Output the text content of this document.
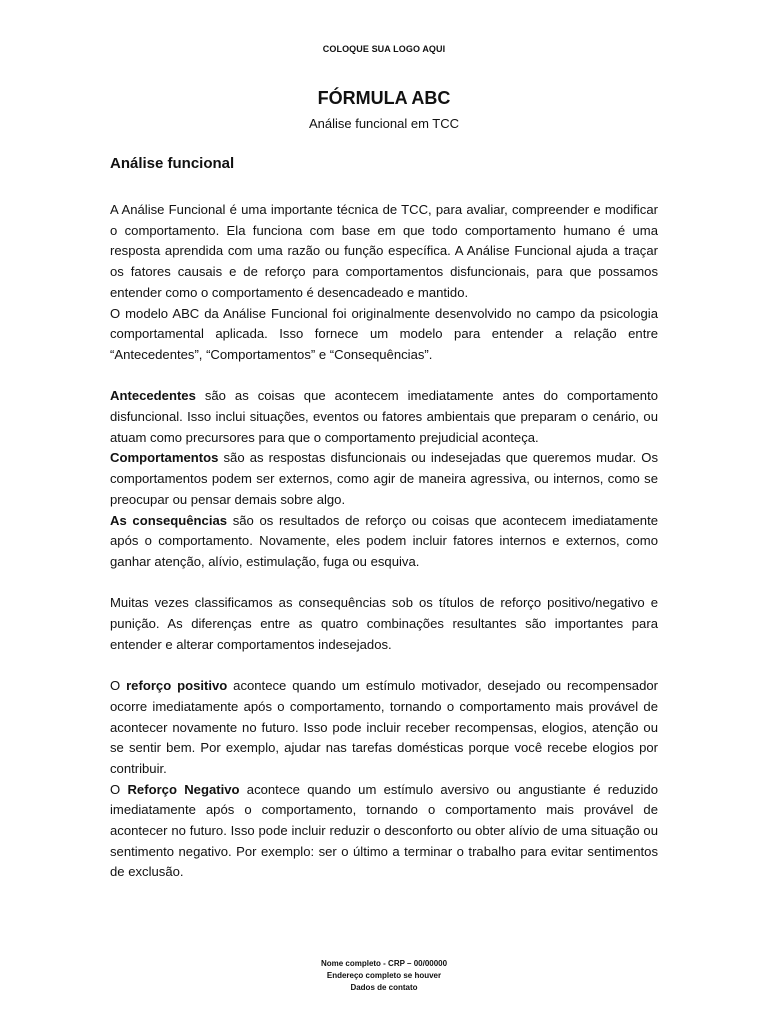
COLOQUE SUA LOGO AQUI
FÓRMULA ABC
Análise funcional em TCC
Análise funcional

A Análise Funcional é uma importante técnica de TCC, para avaliar, compreender e modificar o comportamento. Ela funciona com base em que todo comportamento humano é uma resposta aprendida com uma razão ou função específica. A Análise Funcional ajuda a traçar os fatores causais e de reforço para comportamentos disfuncionais, para que possamos entender como o comportamento é desencadeado e mantido.

O modelo ABC da Análise Funcional foi originalmente desenvolvido no campo da psicologia comportamental aplicada. Isso fornece um modelo para entender a relação entre “Antecedentes”, “Comportamentos” e “Consequências”.

Antecedentes são as coisas que acontecem imediatamente antes do comportamento disfuncional. Isso inclui situações, eventos ou fatores ambientais que preparam o cenário, ou atuam como precursores para que o comportamento prejudicial aconteça.

Comportamentos são as respostas disfuncionais ou indesejadas que queremos mudar. Os comportamentos podem ser externos, como agir de maneira agressiva, ou internos, como se preocupar ou pensar demais sobre algo.

As consequências são os resultados de reforço ou coisas que acontecem imediatamente após o comportamento. Novamente, eles podem incluir fatores internos e externos, como ganhar atenção, alívio, estimulação, fuga ou esquiva.

Muitas vezes classificamos as consequências sob os títulos de reforço positivo/negativo e punição. As diferenças entre as quatro combinações resultantes são importantes para entender e alterar comportamentos indesejados.

O reforço positivo acontece quando um estímulo motivador, desejado ou recompensador ocorre imediatamente após o comportamento, tornando o comportamento mais provável de acontecer novamente no futuro. Isso pode incluir receber recompensas, elogios, atenção ou se sentir bem. Por exemplo, ajudar nas tarefas domésticas porque você recebe elogios por contribuir.

O Reforço Negativo acontece quando um estímulo aversivo ou angustiante é reduzido imediatamente após o comportamento, tornando o comportamento mais provável de acontecer no futuro. Isso pode incluir reduzir o desconforto ou obter alívio de uma situação ou sentimento negativo. Por exemplo: ser o último a terminar o trabalho para evitar sentimentos de exclusão.

Nome completo - CRP – 00/00000
Endereço completo se houver
Dados de contato
